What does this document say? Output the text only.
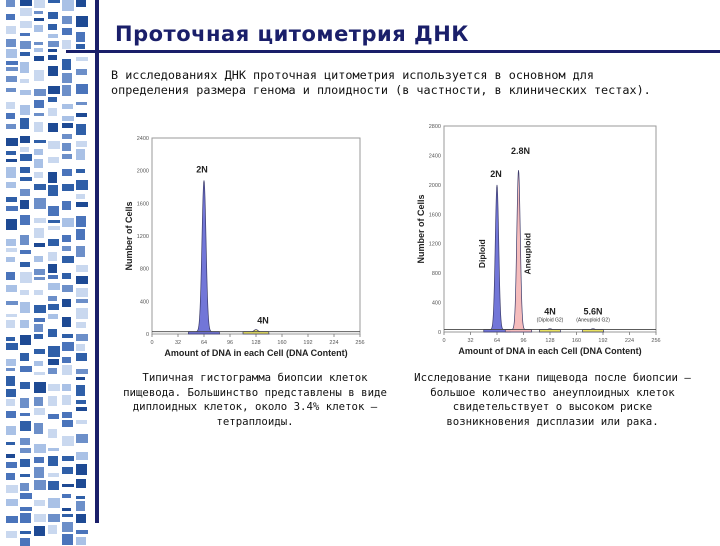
Проточная цитометрия ДНК
В исследованиях ДНК проточная цитометрия используется в основном для определения размера генома и плоидности (в частности, в клинических тестах).
0
400
800
1200
1600
2000
2400
0	32	64	96	128	160	192	224	256
Amount of DNA in each Cell (DNA Content)
Number of Cells
2N
4N
0
400
800
1200
1600
2000
2400
2800
0	32	64	96	128	160	192	224	256
Amount of DNA in each Cell (DNA Content)
Number of Cells
2N
Diploid
2.8N
Aneuploid
4N
(Diploid G2)
5.6N
(Aneuploid G2)
Типичная гистограмма биопсии клеток пищевода. Большинство представлены в виде диплоидных клеток, около 3.4% клеток – тетраплоиды.
Исследование ткани пищевода после биопсии – большое количество анеуплоидных клеток свидетельствует о высоком риске возникновения дисплазии или рака.
